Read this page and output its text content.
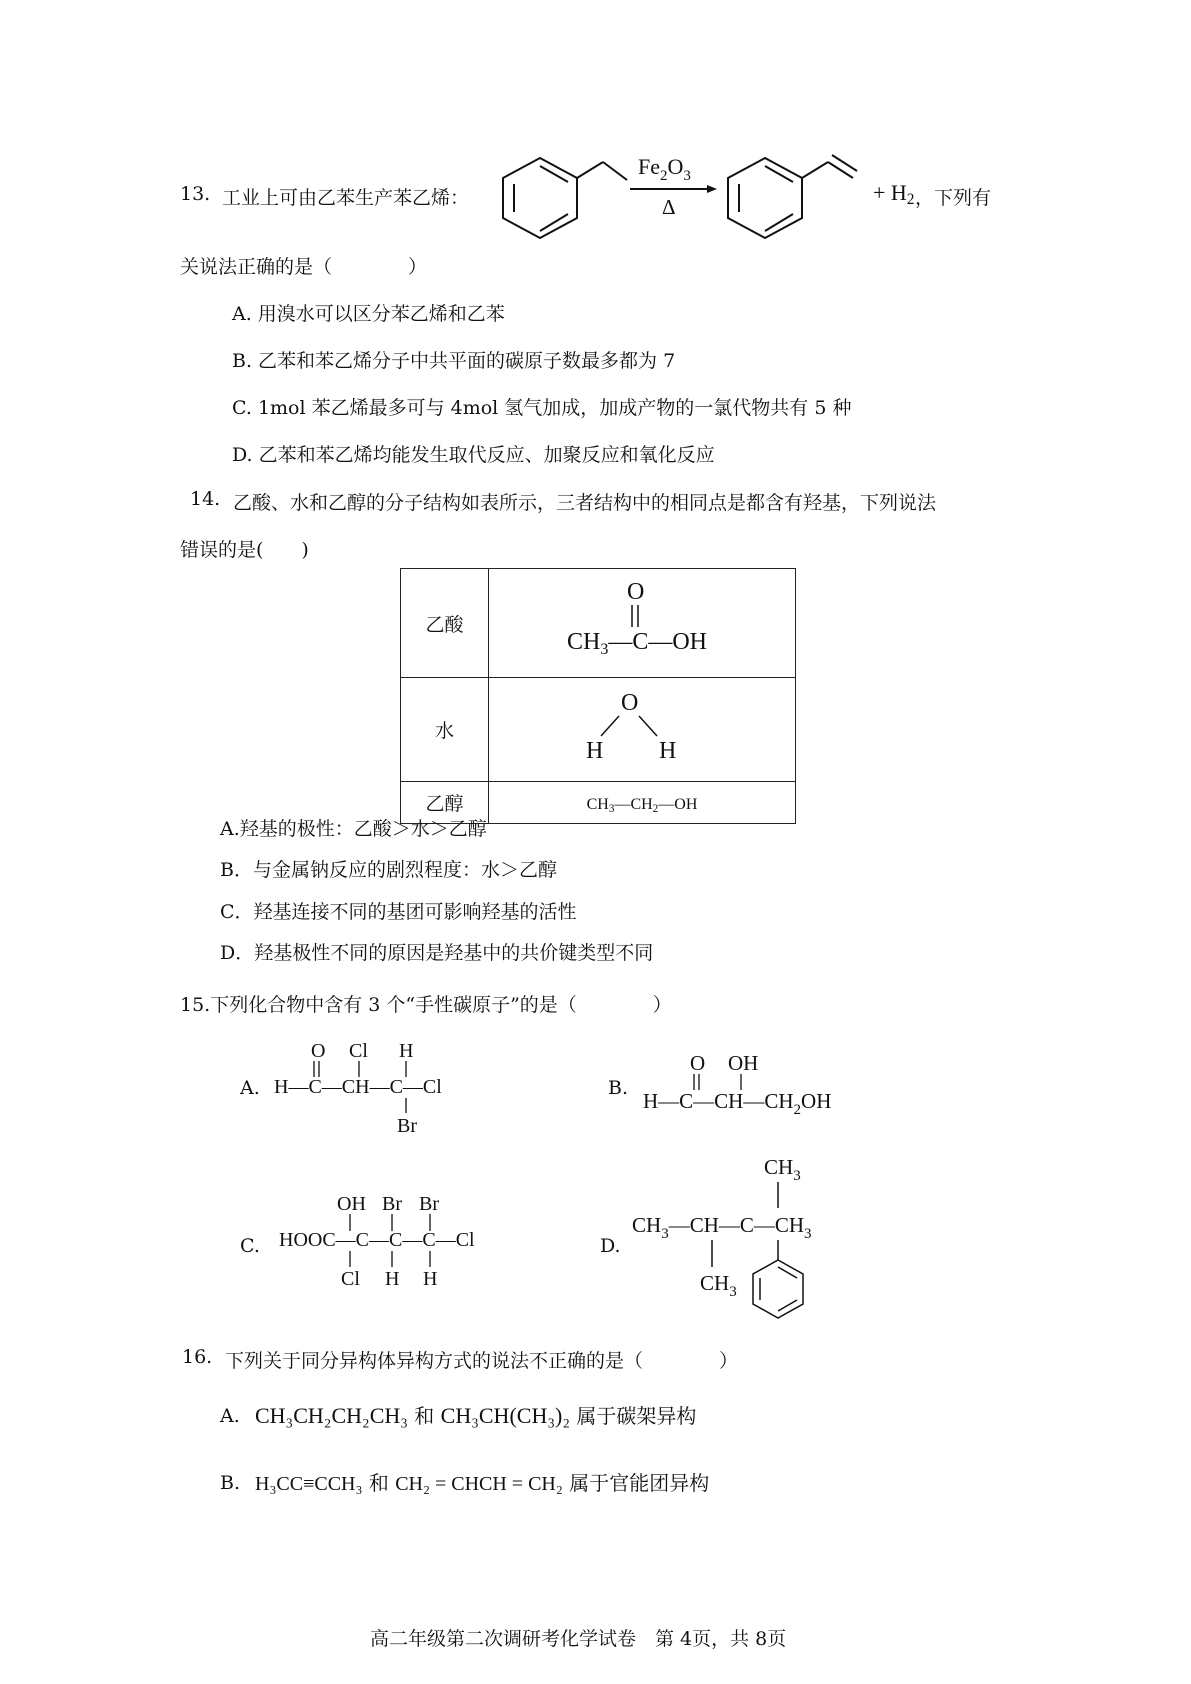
13. 工业上可由乙苯生产苯乙烯：
$Fe_2O_3$
Δ
+ $H_2$ ，下列有
关说法正确的是（　　　　）
A. 用溴水可以区分苯乙烯和乙苯
B. 乙苯和苯乙烯分子中共平面的碳原子数最多都为 7
C. 1mol 苯乙烯最多可与 4mol 氢气加成，加成产物的一氯代物共有 5 种
D. 乙苯和苯乙烯均能发生取代反应、加聚反应和氧化反应
14. 乙酸、水和乙醇的分子结构如表所示，三者结构中的相同点是都含有羟基，下列说法
错误的是(　　)
乙酸	O
$CH_3—C—OH$

水	O
H H

乙醇	$CH_3—CH_2—OH$
A.羟基的极性：乙酸＞水＞乙醇
B．与金属钠反应的剧烈程度：水＞乙醇
C．羟基连接不同的基团可影响羟基的活性
D．羟基极性不同的原因是羟基中的共价键类型不同
15.下列化合物中含有 3 个“手性碳原子”的是（　　　　）
A.
O Cl H
H—C—CH—C—Cl
Br
B.
O OH
$H—C—CH—CH_2OH$
C.
OH Br Br
HOOC—C—C—C—Cl
Cl H H
D.
$CH_3$
$CH_3—CH—C—CH_3$
$CH_3$
16. 下列关于同分异构体异构方式的说法不正确的是（　　　　）
A. CH₃CH₂CH₂CH₃ 和 CH₃CH(CH₃)₂ 属于碳架异构
B. H₃CC≡CCH₃ 和 CH₂ = CHCH = CH₂ 属于官能团异构
高二年级第二次调研考化学试卷　第 4页，共 8页
